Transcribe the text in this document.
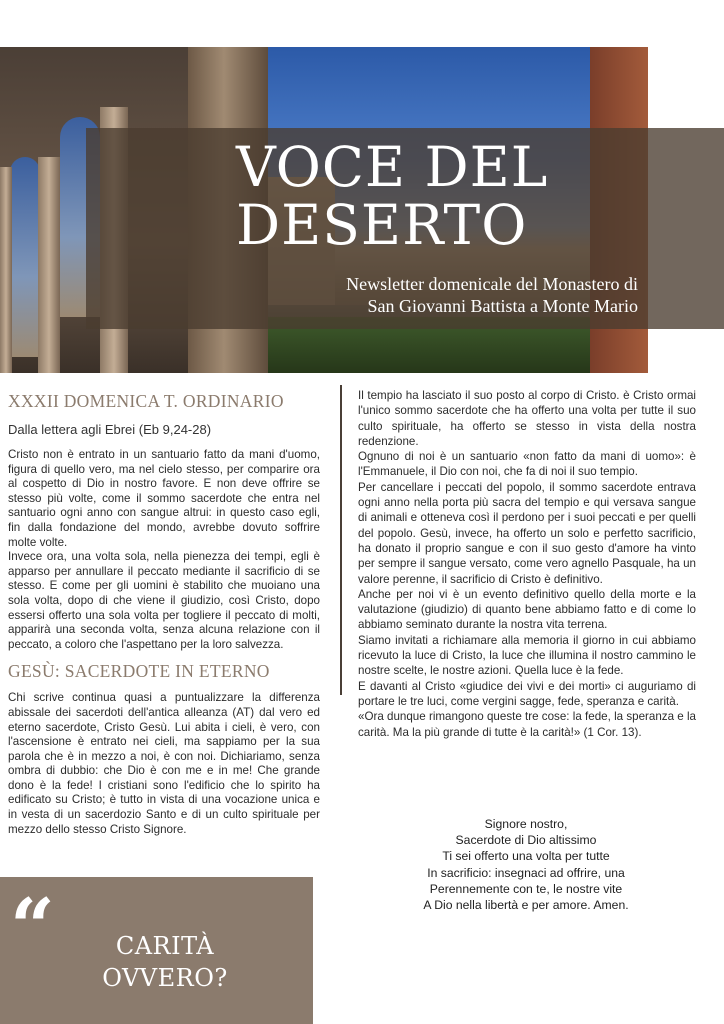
VOCE DEL
DESERTO

Newsletter domenicale del Monastero di
San Giovanni Battista a Monte Mario

XXXII DOMENICA T. ORDINARIO
Dalla lettera agli Ebrei (Eb 9,24-28)

Cristo non è entrato in un santuario fatto da mani d'uomo, figura di quello vero, ma nel cielo stesso, per comparire ora al cospetto di Dio in nostro favore. E non deve offrire se stesso più volte, come il sommo sacerdote che entra nel santuario ogni anno con sangue altrui: in questo caso egli, fin dalla fondazione del mondo, avrebbe dovuto soffrire molte volte.

Invece ora, una volta sola, nella pienezza dei tempi, egli è apparso per annullare il peccato mediante il sacrificio di se stesso. E come per gli uomini è stabilito che muoiano una sola volta, dopo di che viene il giudizio, così Cristo, dopo essersi offerto una sola volta per togliere il peccato di molti, apparirà una seconda volta, senza alcuna relazione con il peccato, a coloro che l'aspettano per la loro salvezza.

GESÙ: SACERDOTE IN ETERNO

Chi scrive continua quasi a puntualizzare la differenza abissale dei sacerdoti dell'antica alleanza (AT) dal vero ed eterno sacerdote, Cristo Gesù. Lui abita i cieli, è vero, con l'ascensione è entrato nei cieli, ma sappiamo per la sua parola che è in mezzo a noi, è con noi. Dichiariamo, senza ombra di dubbio: che Dio è con me e in me! Che grande dono è la fede! I cristiani sono l'edificio che lo spirito ha edificato su Cristo; è tutto in vista di una vocazione unica e in vesta di un sacerdozio Santo e di un culto spirituale per mezzo dello stesso Cristo Signore.

Il tempio ha lasciato il suo posto al corpo di Cristo. è Cristo ormai l'unico sommo sacerdote che ha offerto una volta per tutte il suo culto spirituale, ha offerto se stesso in vista della nostra redenzione.

Ognuno di noi è un santuario «non fatto da mani di uomo»: è l'Emmanuele, il Dio con noi, che fa di noi il suo tempio.

Per cancellare i peccati del popolo, il sommo sacerdote entrava ogni anno nella porta più sacra del tempio e qui versava sangue di animali e otteneva così il perdono per i suoi peccati e per quelli del popolo. Gesù, invece, ha offerto un solo e perfetto sacrificio, ha donato il proprio sangue e con il suo gesto d'amore ha vinto per sempre il sangue versato, come vero agnello Pasquale, ha un valore perenne, il sacrificio di Cristo è definitivo.

Anche per noi vi è un evento definitivo quello della morte e la valutazione (giudizio) di quanto bene abbiamo fatto e di come lo abbiamo seminato durante la nostra vita terrena.

Siamo invitati a richiamare alla memoria il giorno in cui abbiamo ricevuto la luce di Cristo, la luce che illumina il nostro cammino le nostre scelte, le nostre azioni. Quella luce è la fede.

E davanti al Cristo «giudice dei vivi e dei morti» ci auguriamo di portare le tre luci, come vergini sagge, fede, speranza e carità.

«Ora dunque rimangono queste tre cose: la fede, la speranza e la carità. Ma la più grande di tutte è la carità!» (1 Cor. 13).

Signore nostro,
Sacerdote di Dio altissimo
Ti sei offerto una volta per tutte
In sacrificio: insegnaci ad offrire, una
Perennemente con te, le nostre vite
A Dio nella libertà e per amore. Amen.
“	CARITÀ
OVVERO?
